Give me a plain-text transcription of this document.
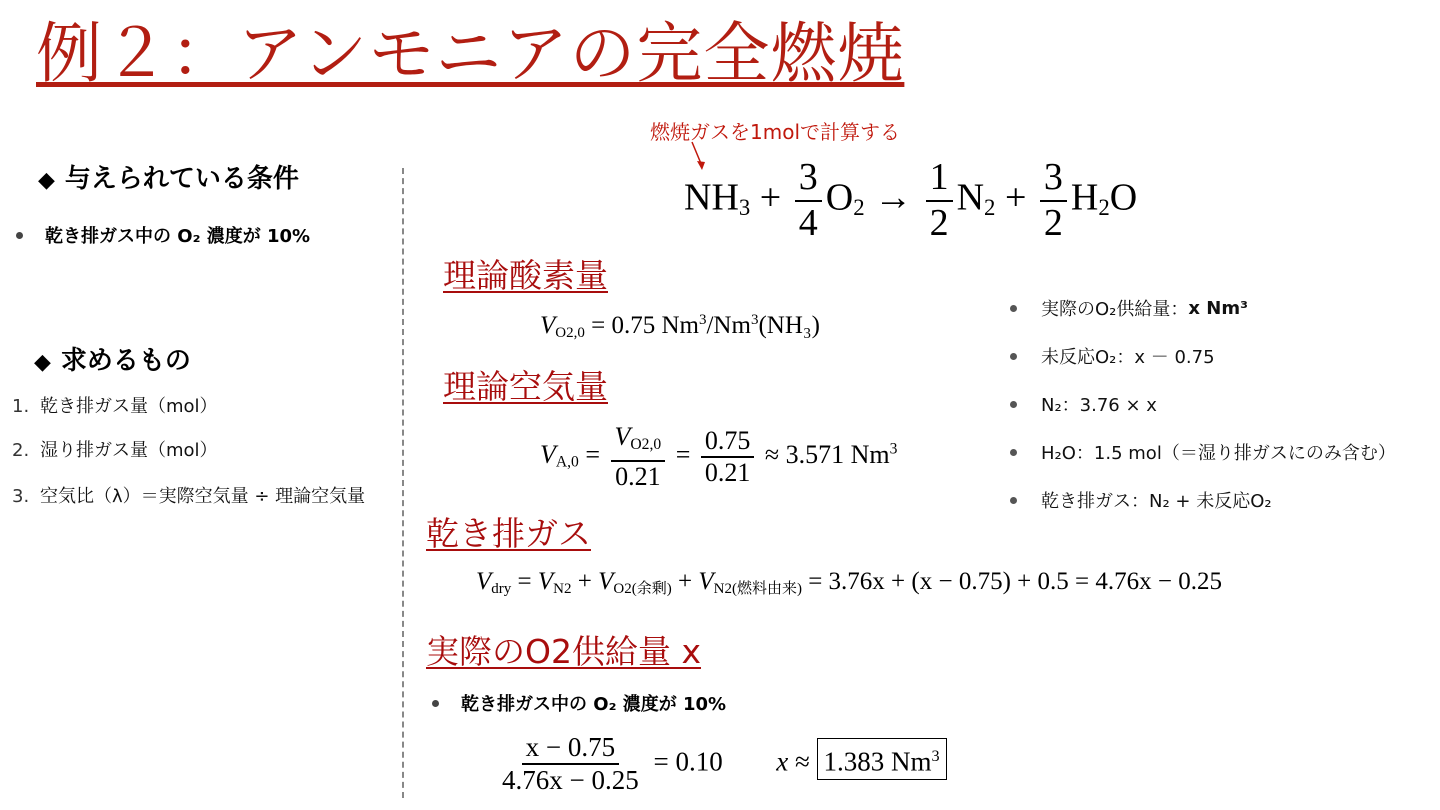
例２：アンモニアの完全燃焼
◆ 与えられている条件
乾き排ガス中の O₂ 濃度が 10%
◆ 求めるもの
1. 乾き排ガス量（mol）
2. 湿り排ガス量（mol）
3. 空気比（λ）＝実際空気量 ÷ 理論空気量
燃焼ガスを1molで計算する
$NH_3 + \frac{3}{4} O_2 \to \frac{1}{2} N_2 + \frac{3}{2} H_2O$
理論酸素量
$V_{O2,0} = 0.75$ Nm$^3$/Nm$^3$(NH₃)
理論空気量
$V_{A,0} = \frac{V_{O2,0}}{0.21} = \frac{0.75}{0.21} \approx 3.571$ Nm$^3$
実際のO₂供給量： x Nm³
未反応O₂：x － 0.75
N₂：3.76 × x
H₂O：1.5 mol（＝湿り排ガスにのみ含む）
乾き排ガス：N₂ + 未反応O₂
乾き排ガス
$V_{dry} = V_{N2} + V_{O2(余剰)} + V_{N2(燃料由来)} = 3.76x + (x - 0.75) + 0.5 = 4.76x - 0.25$
実際のO2供給量 x
乾き排ガス中の O₂ 濃度が 10%
$\frac{x - 0.75}{4.76x - 0.25} = 0.10$ x ≈ 1.383 Nm$^3$
